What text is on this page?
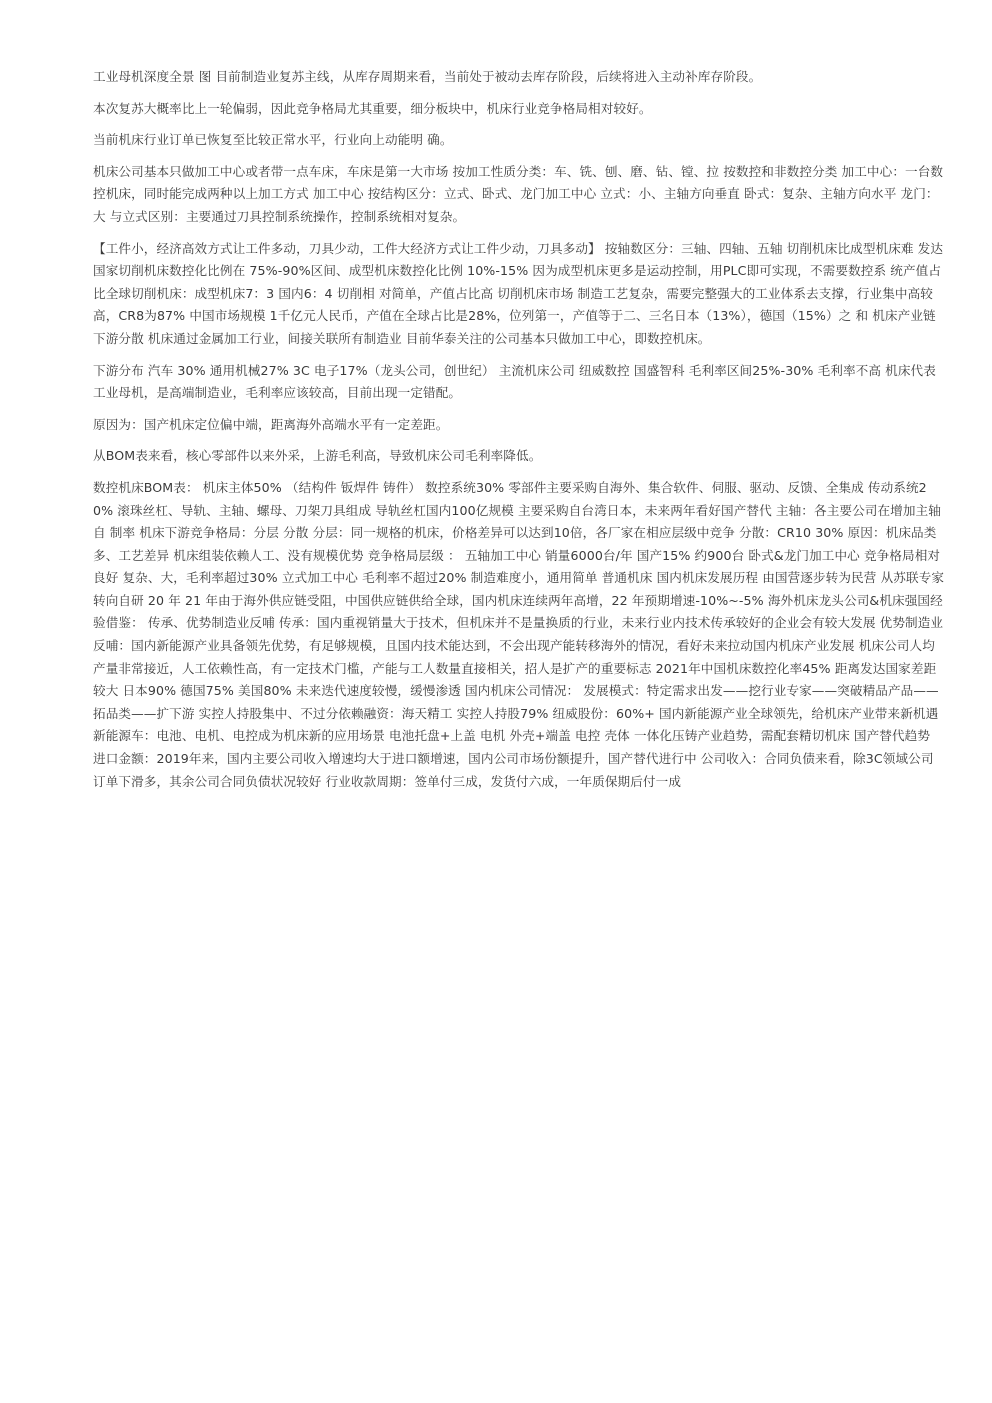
工业母机深度全景 图 目前制造业复苏主线，从库存周期来看，当前处于被动去库存阶段，后续将进入主动补库存阶段。

本次复苏大概率比上一轮偏弱，因此竞争格局尤其重要，细分板块中，机床行业竞争格局相对较好。

当前机床行业订单已恢复至比较正常水平，行业向上动能明 确。

机床公司基本只做加工中心或者带一点车床，车床是第一大市场 按加工性质分类：车、铣、刨、磨、钻、镗、拉 按数控和非数控分类 加工中心：一台数控机床，同时能完成两种以上加工方式 加工中心 按结构区分：立式、卧式、龙门加工中心 立式：小、主轴方向垂直 卧式：复杂、主轴方向水平 龙门：大 与立式区别：主要通过刀具控制系统操作，控制系统相对复杂。

【工件小，经济高效方式让工件多动，刀具少动，工件大经济方式让工件少动，刀具多动】 按轴数区分：三轴、四轴、五轴 切削机床比成型机床难 发达国家切削机床数控化比例在 75%-90%区间、成型机床数控化比例 10%-15% 因为成型机床更多是运动控制，用PLC即可实现，不需要数控系 统产值占比全球切削机床：成型机床7：3 国内6：4 切削相 对简单，产值占比高 切削机床市场 制造工艺复杂，需要完整强大的工业体系去支撑，行业集中高较高，CR8为87% 中国市场规模 1千亿元人民币，产值在全球占比是28%，位列第一，产值等于二、三名日本（13%），德国（15%）之 和 机床产业链下游分散 机床通过金属加工行业，间接关联所有制造业 目前华泰关注的公司基本只做加工中心，即数控机床。

下游分布 汽车 30% 通用机械27% 3C 电子17%（龙头公司，创世纪） 主流机床公司 纽威数控 国盛智科 毛利率区间25%-30% 毛利率不高 机床代表工业母机，是高端制造业，毛利率应该较高，目前出现一定错配。

原因为：国产机床定位偏中端，距离海外高端水平有一定差距。

从BOM表来看，核心零部件以来外采，上游毛利高，导致机床公司毛利率降低。

数控机床BOM表： 机床主体50% （结构件 钣焊件 铸件） 数控系统30% 零部件主要采购自海外、集合软件、伺服、驱动、反馈、全集成 传动系统20% 滚珠丝杠、导轨、主轴、螺母、刀架刀具组成 导轨丝杠国内100亿规模 主要采购自台湾日本，未来两年看好国产替代 主轴：各主要公司在增加主轴自 制率 机床下游竞争格局：分层 分散 分层：同一规格的机床，价格差异可以达到10倍，各厂家在相应层级中竞争 分散：CR10 30% 原因：机床品类多、工艺差异 机床组装依赖人工、没有规模优势 竞争格局层级 ： 五轴加工中心 销量6000台/年 国产15% 约900台 卧式&龙门加工中心 竞争格局相对良好 复杂、大，毛利率超过30% 立式加工中心 毛利率不超过20% 制造难度小，通用简单 普通机床 国内机床发展历程 由国营逐步转为民营 从苏联专家转向自研 20 年 21 年由于海外供应链受阻，中国供应链供给全球，国内机床连续两年高增，22 年预期增速-10%~-5% 海外机床龙头公司&机床强国经验借鉴： 传承、优势制造业反哺 传承：国内重视销量大于技术，但机床并不是量换质的行业，未来行业内技术传承较好的企业会有较大发展 优势制造业反哺：国内新能源产业具备领先优势，有足够规模，且国内技术能达到，不会出现产能转移海外的情况，看好未来拉动国内机床产业发展 机床公司人均产量非常接近，人工依赖性高，有一定技术门槛，产能与工人数量直接相关，招人是扩产的重要标志 2021年中国机床数控化率45% 距离发达国家差距较大 日本90% 德国75% 美国80% 未来迭代速度较慢，缓慢渗透 国内机床公司情况： 发展模式：特定需求出发——挖行业专家——突破精品产品——拓品类——扩下游 实控人持股集中、不过分依赖融资：海天精工 实控人持股79% 纽威股份：60%+ 国内新能源产业全球领先，给机床产业带来新机遇 新能源车：电池、电机、电控成为机床新的应用场景 电池托盘+上盖 电机 外壳+端盖 电控 壳体 一体化压铸产业趋势，需配套精切机床 国产替代趋势 进口金额：2019年来，国内主要公司收入增速均大于进口额增速，国内公司市场份额提升，国产替代进行中 公司收入：合同负债来看，除3C领域公司订单下滑多，其余公司合同负债状况较好 行业收款周期：签单付三成，发货付六成，一年质保期后付一成
